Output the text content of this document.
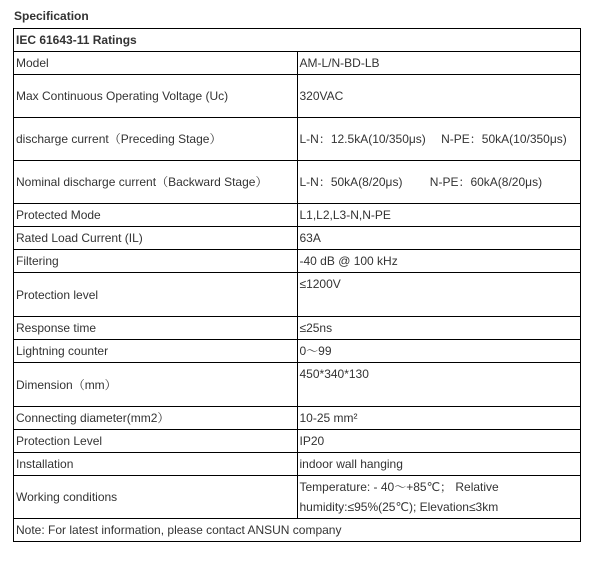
Specification
IEC 61643-11 Ratings	
Model	AM-L/N-BD-LB
Max Continuous Operating Voltage (Uc)	320VAC
discharge current（Preceding Stage）	L-N：12.5kA(10/350μs)　 N-PE：50kA(10/350μs)
Nominal discharge current（Backward Stage）	L-N：50kA(8/20μs)　　 N-PE：60kA(8/20μs)
Protected Mode	L1,L2,L3-N,N-PE
Rated Load Current (IL)	63A
Filtering	-40 dB @ 100 kHz
Protection level	≤1200V
Response time	≤25ns
Lightning counter	0～99
Dimension（mm）	450*340*130
Connecting diameter(mm2）	10-25 mm²
Protection Level	IP20
Installation	indoor wall hanging
Working conditions	Temperature: - 40～+85℃； Relative humidity:≤95%(25℃); Elevation≤3km
Note: For latest information, please contact ANSUN company	
